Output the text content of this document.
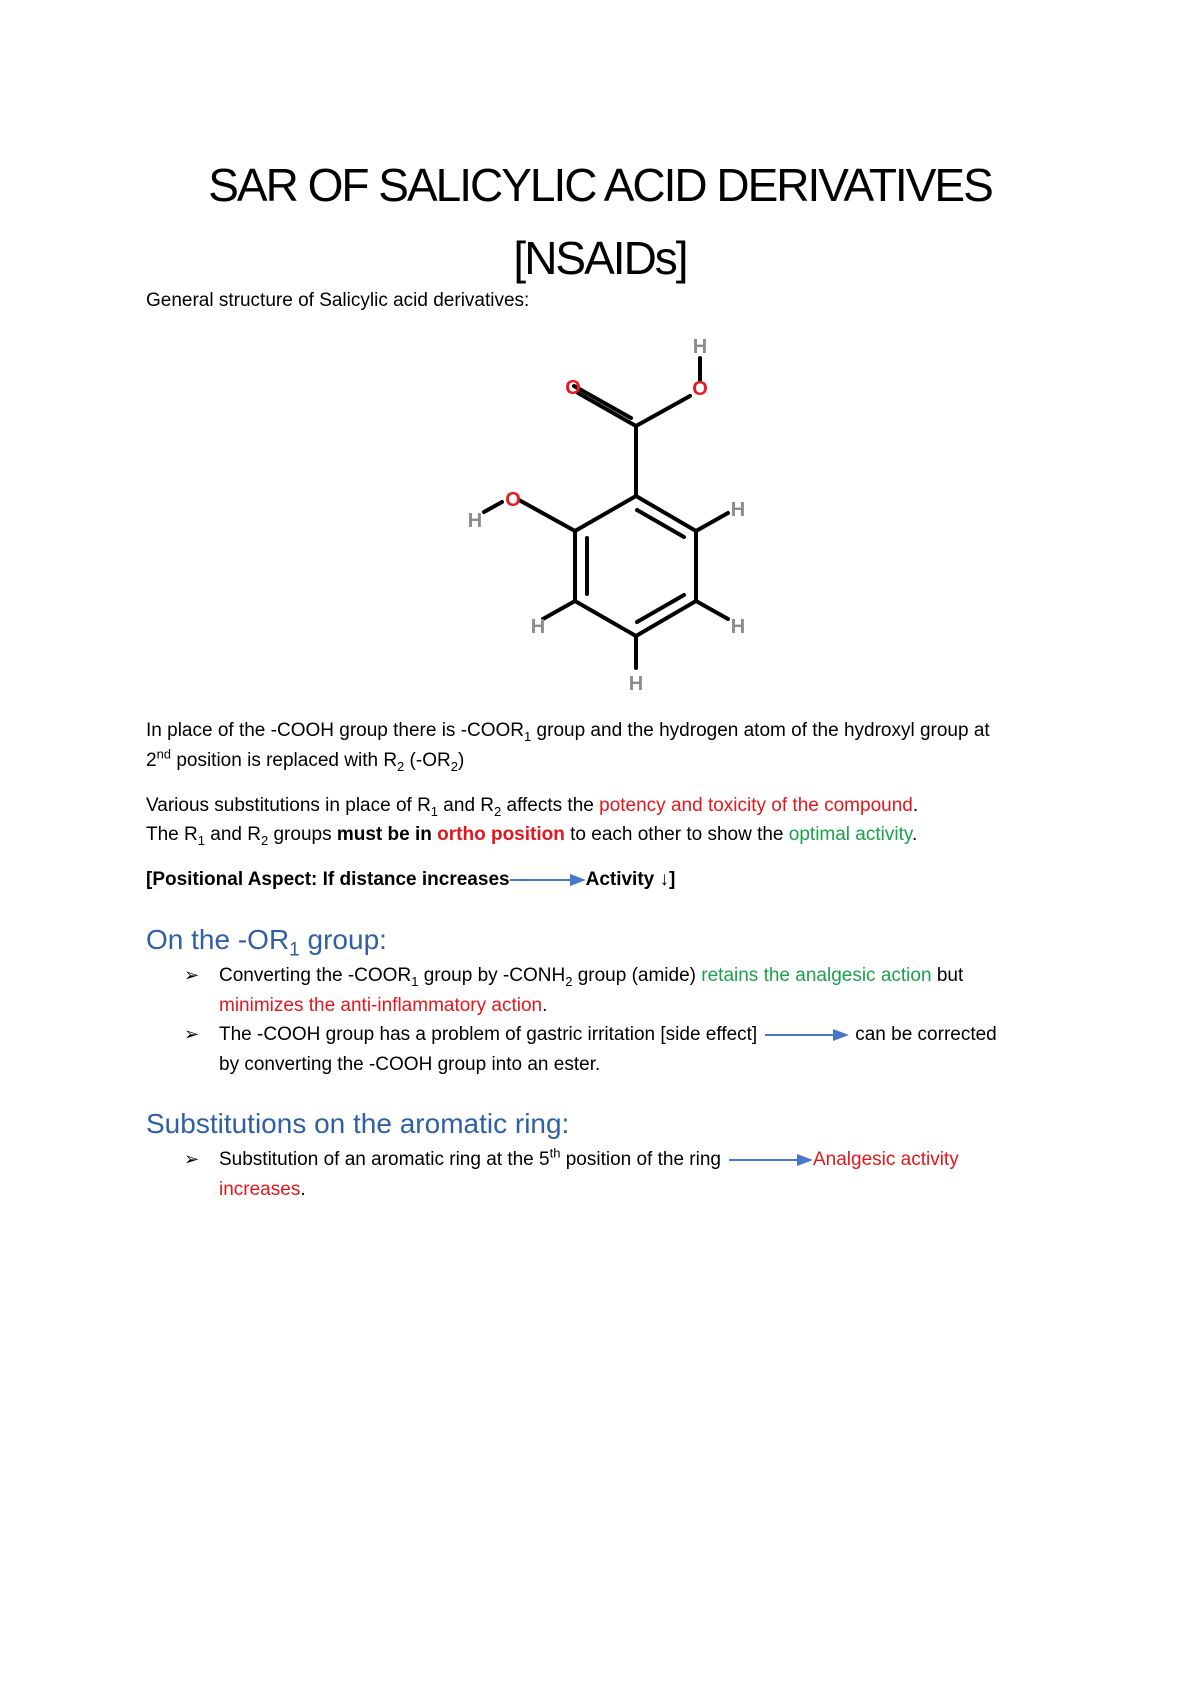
SAR OF SALICYLIC ACID DERIVATIVES
[NSAIDs]
General structure of Salicylic acid derivatives:
O	O
H
O
H	H
H
H
H
In place of the -COOH group there is $-COOR_1$ group and the hydrogen atom of the hydroxyl group at
2nd position is replaced with $R_2$ $(-OR_2)$
Various substitutions in place of $R_1$ and $R_2$ affects the potency and toxicity of the compound.
The $R_1$ and $R_2$ groups must be in ortho position to each other to show the optimal activity.
[Positional Aspect: If distance increases	Activity ↓]
On the $-OR_1$ group:
➢ Converting the $-COOR_1$ group by $-CONH_2$ group (amide) retains the analgesic action but
minimizes the anti-inflammatory action.
➢ The -COOH group has a problem of gastric irritation [side effect]	can be corrected
by converting the -COOH group into an ester.
Substitutions on the aromatic ring:
➢ Substitution of an aromatic ring at the 5th position of the ring	Analgesic activity
increases.
